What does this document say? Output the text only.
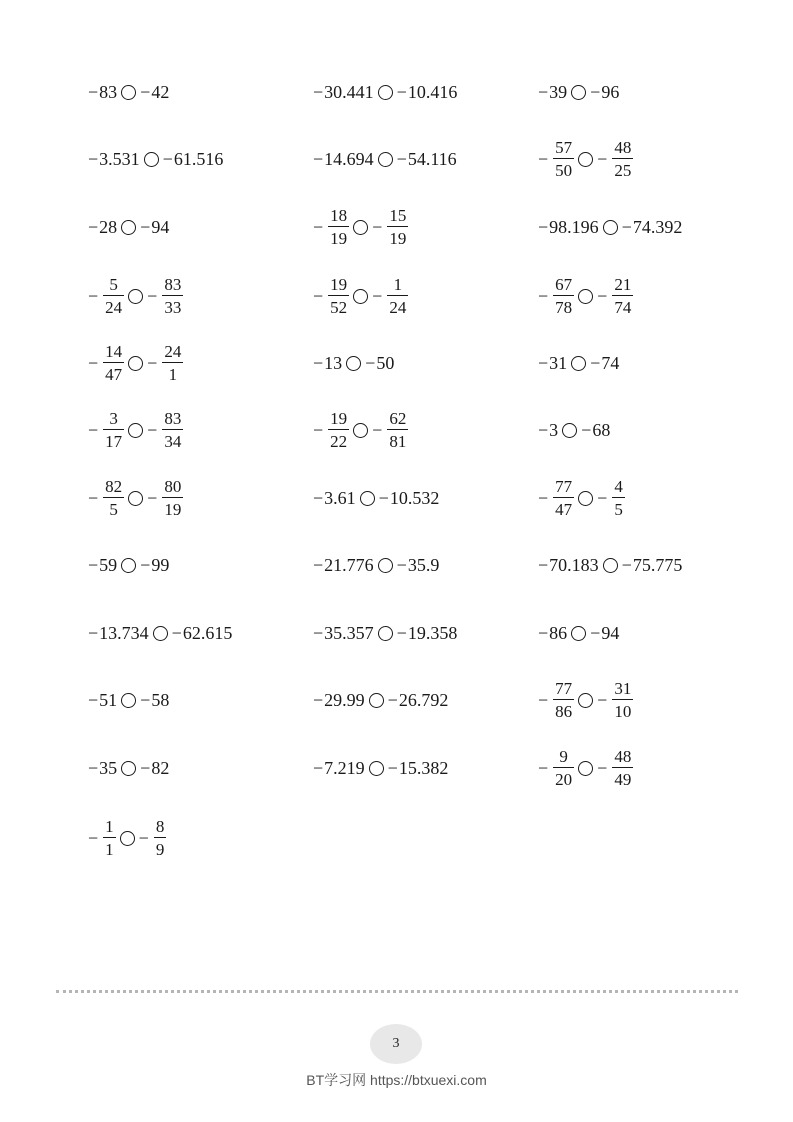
− 83 − 42	− 30.441 − 10.416	− 39 − 96
− 3.531 − 61.516	− 14.694 − 54.116	− $\frac{57}{50} - \frac{48}{25}$
− 28 − 94	− $\frac{18}{19} - \frac{15}{19}$	− 98.196 − 74.392
− $\frac{5}{24} - \frac{83}{33}$	− $\frac{19}{52} - \frac{1}{24}$	− $\frac{67}{78} - \frac{21}{74}$
− $\frac{14}{47} - \frac{24}{1}$	− 13 − 50	− 31 − 74
− $\frac{3}{17} - \frac{83}{34}$	− $\frac{19}{22} - \frac{62}{81}$	− 3 − 68
− $\frac{82}{5} - \frac{80}{19}$	− 3.61 − 10.532	− $\frac{77}{47} - \frac{4}{5}$
− 59 − 99	− 21.776 − 35.9	− 70.183 − 75.775
− 13.734 − 62.615	− 35.357 − 19.358	− 86 − 94
− 51 − 58	− 29.99 − 26.792	− $\frac{77}{86} - \frac{31}{10}$
− 35 − 82	− 7.219 − 15.382	− $\frac{9}{20} - \frac{48}{49}$
− $\frac{1}{1} - \frac{8}{9}$
3
BT学习网 https://btxuexi.com
